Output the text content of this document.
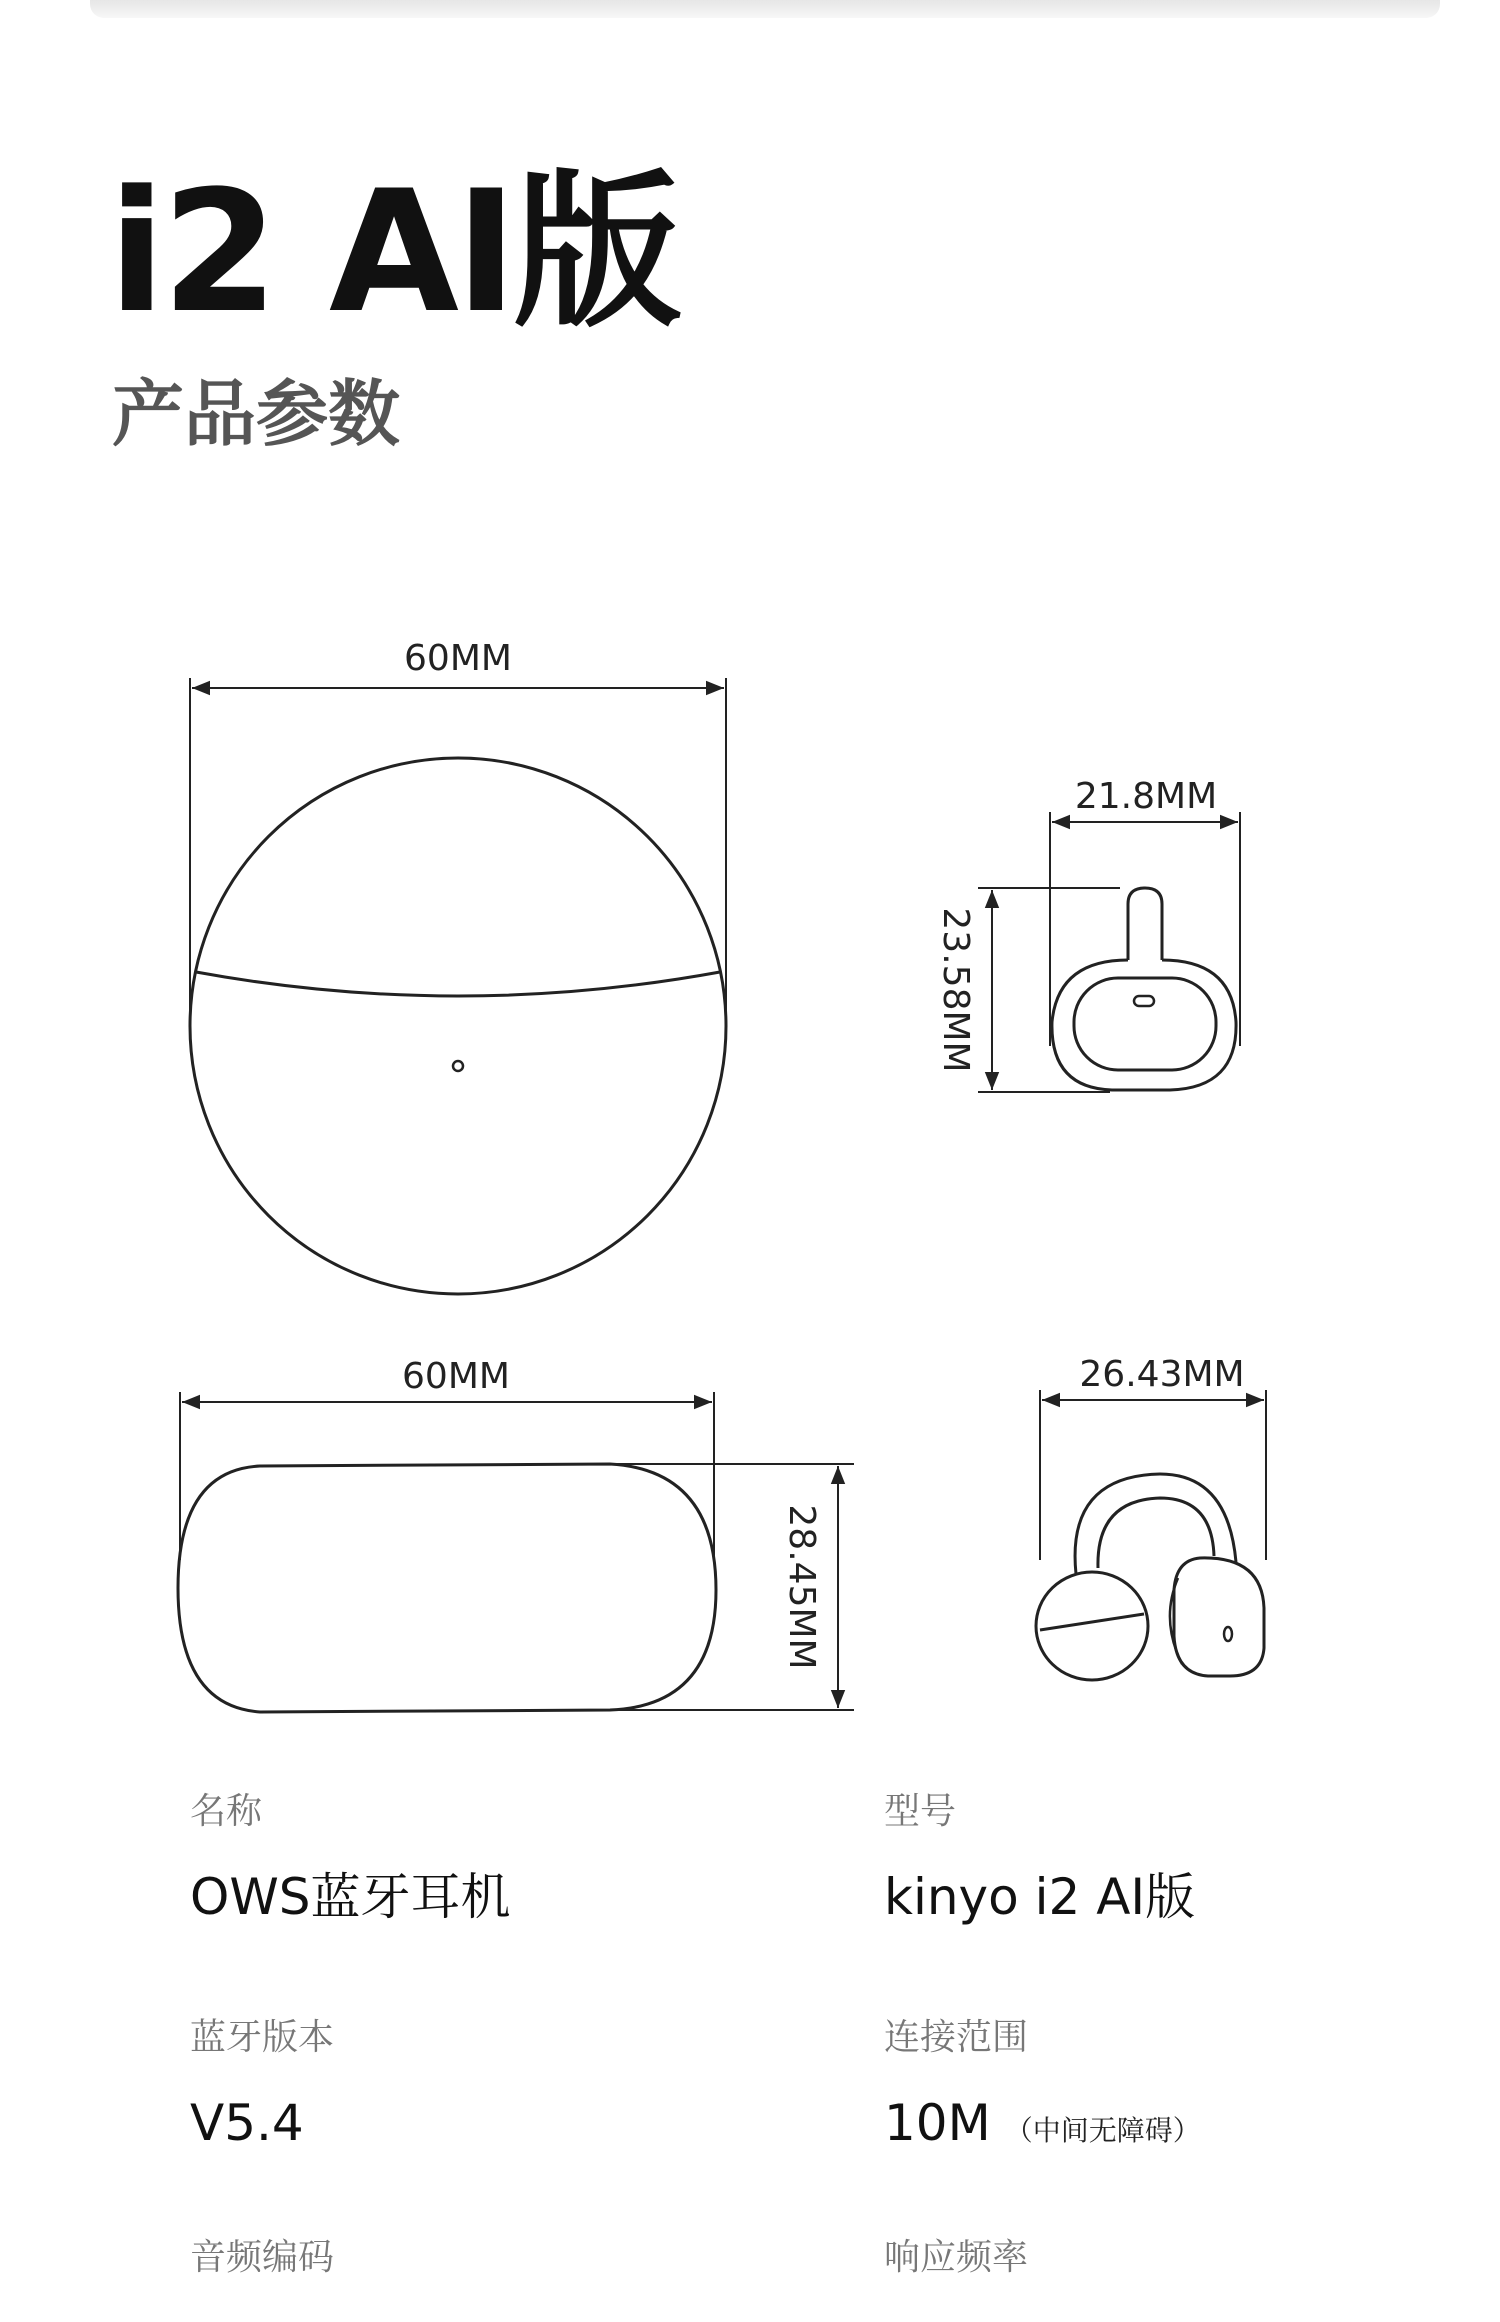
i2 AI版
产品参数
60MM
21.8MM
23.58MM
60MM
28.45MM
26.43MM
名称
OWS蓝牙耳机
型号
kinyo i2 AI版
蓝牙版本
V5.4
连接范围
10M （中间无障碍）
音频编码	响应频率
